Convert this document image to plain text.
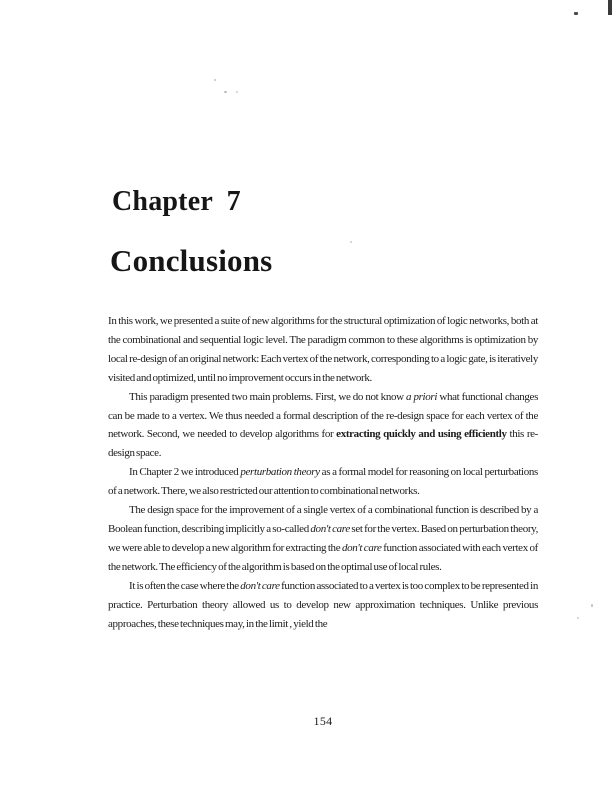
Chapter 7
Conclusions

In this work, we presented a suite of new algorithms for the structural optimization of logic networks, both at the combinational and sequential logic level. The paradigm common to these algorithms is optimization by local re-design of an original network: Each vertex of the network, corresponding to a logic gate, is iteratively visited and optimized, until no improvement occurs in the network.

This paradigm presented two main problems. First, we do not know a priori what functional changes can be made to a vertex. We thus needed a formal description of the re-design space for each vertex of the network. Second, we needed to develop algorithms for extracting quickly and using efficiently this re-design space.

In Chapter 2 we introduced perturbation theory as a formal model for reasoning on local perturbations of a network. There, we also restricted our attention to combinational networks.

The design space for the improvement of a single vertex of a combinational function is described by a Boolean function, describing implicitly a so-called don't care set for the vertex. Based on perturbation theory, we were able to develop a new algorithm for extracting the don't care function associated with each vertex of the network. The efficiency of the algorithm is based on the optimal use of local rules.

It is often the case where the don't care function associated to a vertex is too complex to be represented in practice. Perturbation theory allowed us to develop new approximation techniques. Unlike previous approaches, these techniques may, in the limit , yield the

154
